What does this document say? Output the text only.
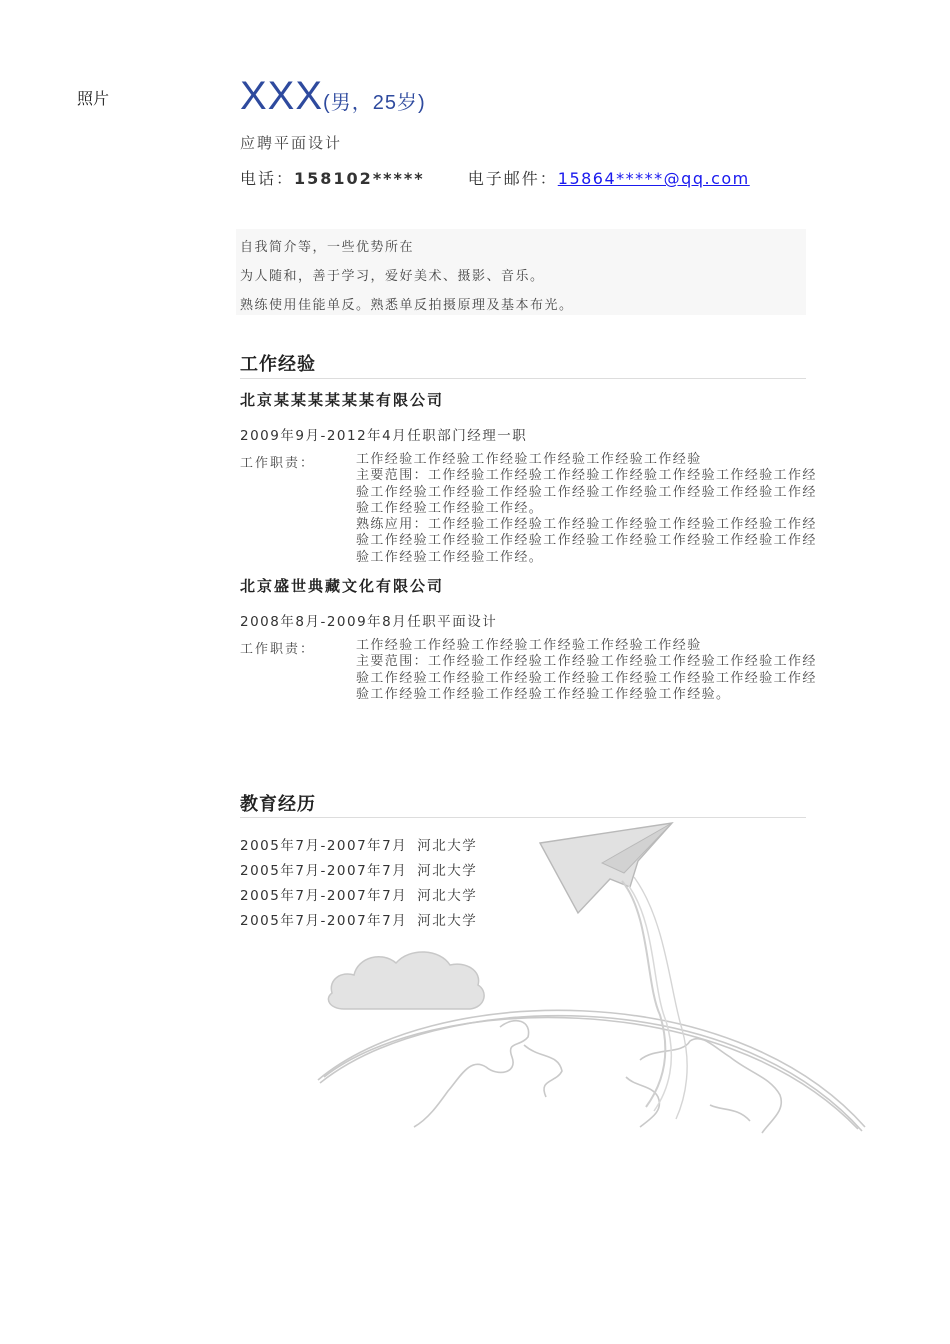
照片	XXX(男，25岁)
应聘平面设计
电话：158102*****	电子邮件：15864*****@qq.com
自我简介等，一些优势所在
为人随和，善于学习，爱好美术、摄影、音乐。
熟练使用佳能单反。熟悉单反拍摄原理及基本布光。
工作经验
北京某某某某某某有限公司
2009年9月-2012年4月任职部门经理一职
工作职责：	工作经验工作经验工作经验工作经验工作经验工作经验
主要范围：工作经验工作经验工作经验工作经验工作经验工作经验工作经验工作经验工作经验工作经验工作经验工作经验工作经验工作经验工作经验工作经验工作经验工作经。
熟练应用：工作经验工作经验工作经验工作经验工作经验工作经验工作经验工作经验工作经验工作经验工作经验工作经验工作经验工作经验工作经验工作经验工作经验工作经。
北京盛世典藏文化有限公司
2008年8月-2009年8月任职平面设计
工作职责：	工作经验工作经验工作经验工作经验工作经验工作经验
主要范围：工作经验工作经验工作经验工作经验工作经验工作经验工作经验工作经验工作经验工作经验工作经验工作经验工作经验工作经验工作经验工作经验工作经验工作经验工作经验工作经验工作经验。
教育经历
2005年7月-2007年7月 河北大学
2005年7月-2007年7月 河北大学
2005年7月-2007年7月 河北大学
2005年7月-2007年7月 河北大学
